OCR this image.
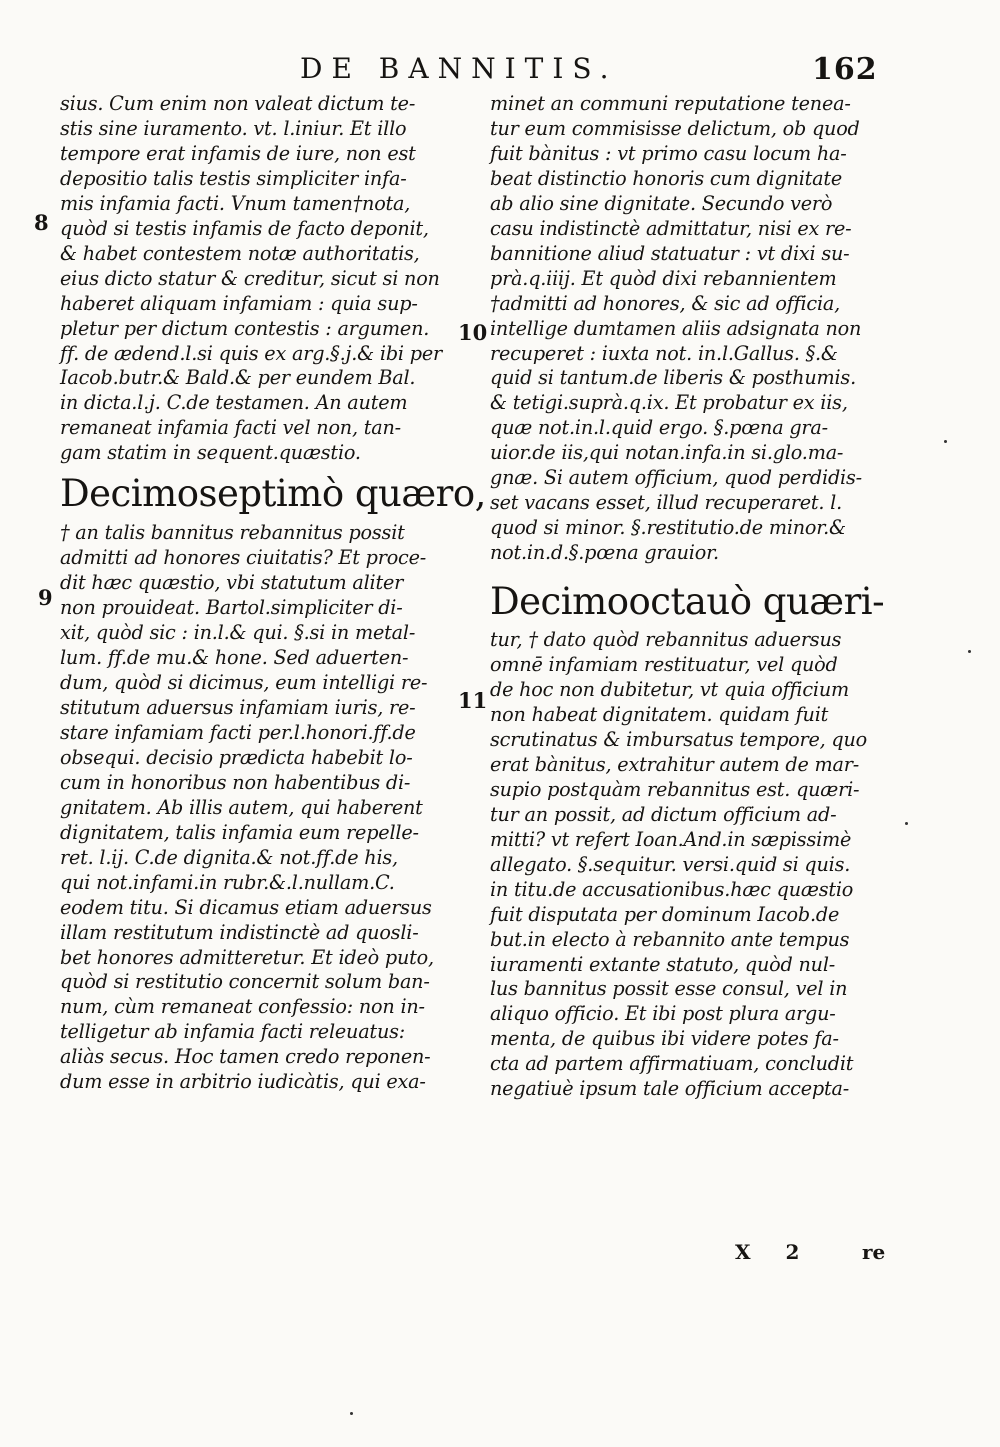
DE BANNITIS.	162
8
9
10
11
sius. Cum enim non valeat dictum te-
stis sine iuramento. vt. l.iniur. Et illo
tempore erat infamis de iure, non est
depositio talis testis simpliciter infa-
mis infamia facti. Vnum tamen†nota,
quòd si testis infamis de facto deponit,
& habet contestem notæ authoritatis,
eius dicto statur & creditur, sicut si non
haberet aliquam infamiam : quia sup-
pletur per dictum contestis : argumen.
ff. de ædend.l.si quis ex arg.§.j.& ibi per
Iacob.butr.& Bald.& per eundem Bal.
in dicta.l.j. C.de testamen. An autem
remaneat infamia facti vel non, tan-
gam statim in sequent.quæstio.
Decimoseptimò quæro,
† an talis bannitus rebannitus possit
admitti ad honores ciuitatis? Et proce-
dit hæc quæstio, vbi statutum aliter
non prouideat. Bartol.simpliciter di-
xit, quòd sic : in.l.& qui. §.si in metal-
lum. ff.de mu.& hone. Sed aduerten-
dum, quòd si dicimus, eum intelligi re-
stitutum aduersus infamiam iuris, re-
stare infamiam facti per.l.honori.ff.de
obsequi. decisio prædicta habebit lo-
cum in honoribus non habentibus di-
gnitatem. Ab illis autem, qui haberent
dignitatem, talis infamia eum repelle-
ret. l.ij. C.de dignita.& not.ff.de his,
qui not.infami.in rubr.&.l.nullam.C.
eodem titu. Si dicamus etiam aduersus
illam restitutum indistinctè ad quosli-
bet honores admitteretur. Et ideò puto,
quòd si restitutio concernit solum ban-
num, cùm remaneat confessio: non in-
telligetur ab infamia facti releuatus:
aliàs secus. Hoc tamen credo reponen-
dum esse in arbitrio iudicàtis, qui exa-
minet an communi reputatione tenea-
tur eum commisisse delictum, ob quod
fuit bànitus : vt primo casu locum ha-
beat distinctio honoris cum dignitate
ab alio sine dignitate. Secundo verò
casu indistinctè admittatur, nisi ex re-
bannitione aliud statuatur : vt dixi su-
prà.q.iiij. Et quòd dixi rebannientem
†admitti ad honores, & sic ad officia,
intellige dumtamen aliis adsignata non
recuperet : iuxta not. in.l.Gallus. §.&
quid si tantum.de liberis & posthumis.
& tetigi.suprà.q.ix. Et probatur ex iis,
quæ not.in.l.quid ergo. §.pœna gra-
uior.de iis,qui notan.infa.in si.glo.ma-
gnæ. Si autem officium, quod perdidis-
set vacans esset, illud recuperaret. l.
quod si minor. §.restitutio.de minor.&
not.in.d.§.pœna grauior.
Decimooctauò quæri-
tur, † dato quòd rebannitus aduersus
omnē infamiam restituatur, vel quòd
de hoc non dubitetur, vt quia officium
non habeat dignitatem. quidam fuit
scrutinatus & imbursatus tempore, quo
erat bànitus, extrahitur autem de mar-
supio postquàm rebannitus est. quæri-
tur an possit, ad dictum officium ad-
mitti? vt refert Ioan.And.in sæpissimè
allegato. §.sequitur. versi.quid si quis.
in titu.de accusationibus.hæc quæstio
fuit disputata per dominum Iacob.de
but.in electo à rebannito ante tempus
iuramenti extante statuto, quòd nul-
lus bannitus possit esse consul, vel in
aliquo officio. Et ibi post plura argu-
menta, de quibus ibi videre potes fa-
cta ad partem affirmatiuam, concludit
negatiuè ipsum tale officium accepta-
X 2 re
